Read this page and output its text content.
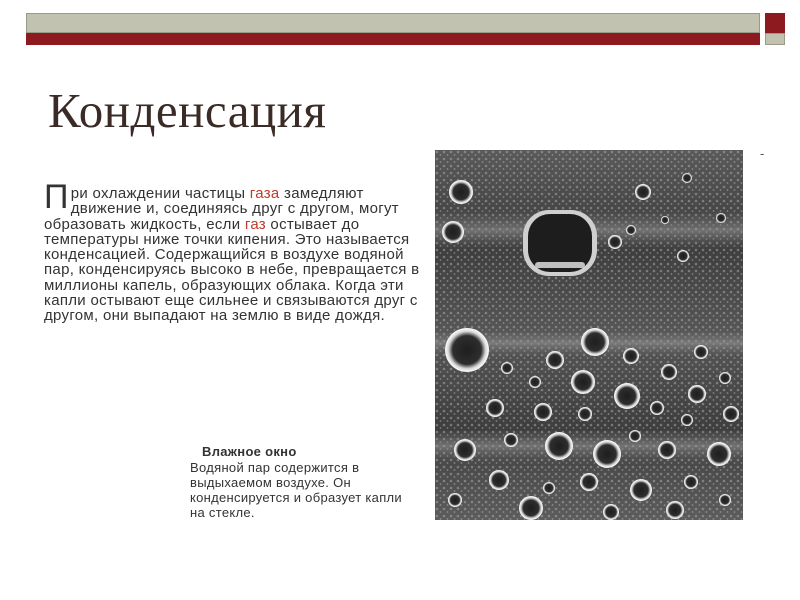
Конденсация
При охлаждении частицы газа замедляют движение и, соединяясь друг с другом, могут образовать жидкость, если газ остывает до температуры ниже точки кипения. Это называется конденсацией. Содержащийся в воздухе водяной пар, конденсируясь высоко в небе, превращается в миллионы капель, образующих облака. Когда эти капли остывают еще сильнее и связываются друг с другом, они выпадают на землю в виде дождя.
Влажное окно
Водяной пар содержится в выдыхаемом воздухе. Он конденсируется и образует капли на стекле.
-
